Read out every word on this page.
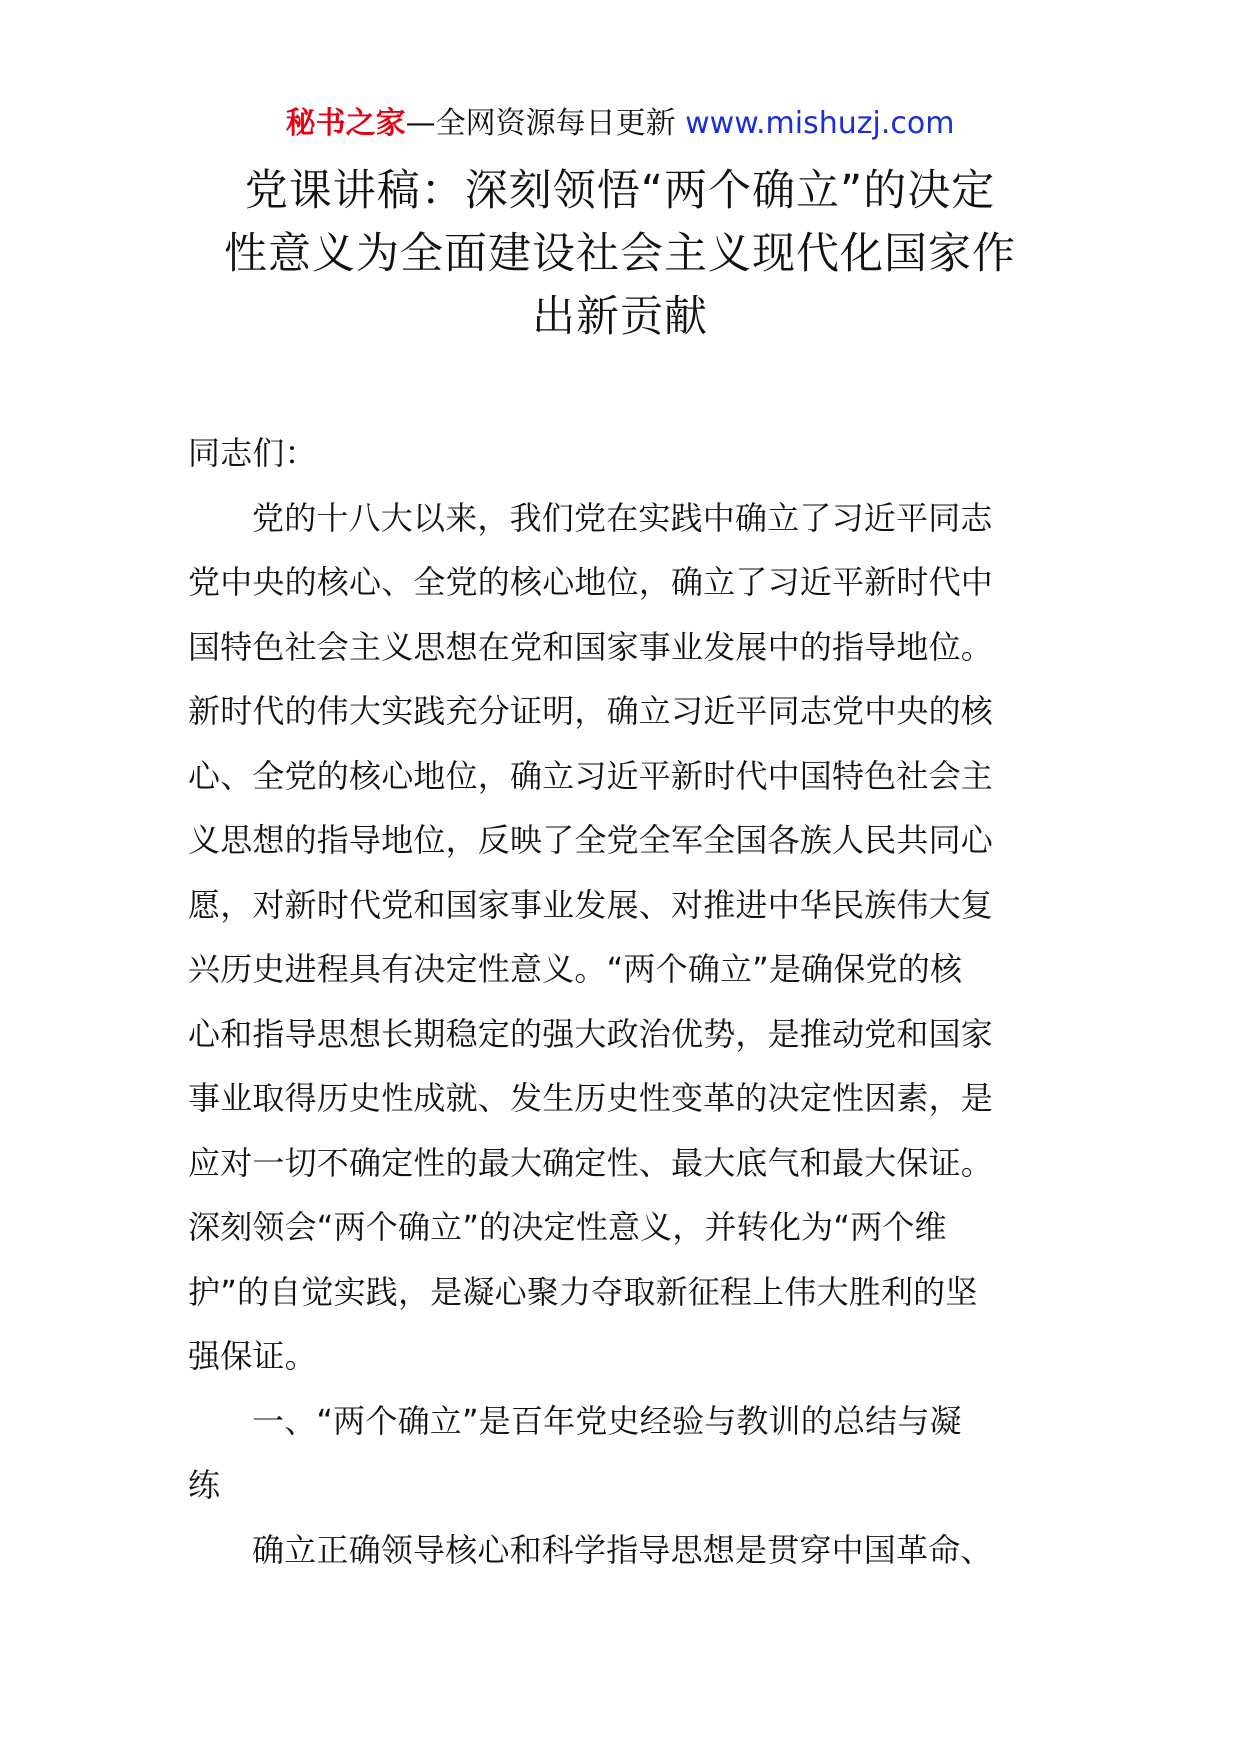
秘书之家—全网资源每日更新 www.mishuzj.com
党课讲稿：深刻领悟“两个确立”的决定
性意义为全面建设社会主义现代化国家作
出新贡献
同志们：
党的十八大以来，我们党在实践中确立了习近平同志
党中央的核心、全党的核心地位，确立了习近平新时代中
国特色社会主义思想在党和国家事业发展中的指导地位。
新时代的伟大实践充分证明，确立习近平同志党中央的核
心、全党的核心地位，确立习近平新时代中国特色社会主
义思想的指导地位，反映了全党全军全国各族人民共同心
愿，对新时代党和国家事业发展、对推进中华民族伟大复
兴历史进程具有决定性意义。“两个确立”是确保党的核
心和指导思想长期稳定的强大政治优势，是推动党和国家
事业取得历史性成就、发生历史性变革的决定性因素，是
应对一切不确定性的最大确定性、最大底气和最大保证。
深刻领会“两个确立”的决定性意义，并转化为“两个维
护”的自觉实践，是凝心聚力夺取新征程上伟大胜利的坚
强保证。
一、“两个确立”是百年党史经验与教训的总结与凝
练
确立正确领导核心和科学指导思想是贯穿中国革命、
